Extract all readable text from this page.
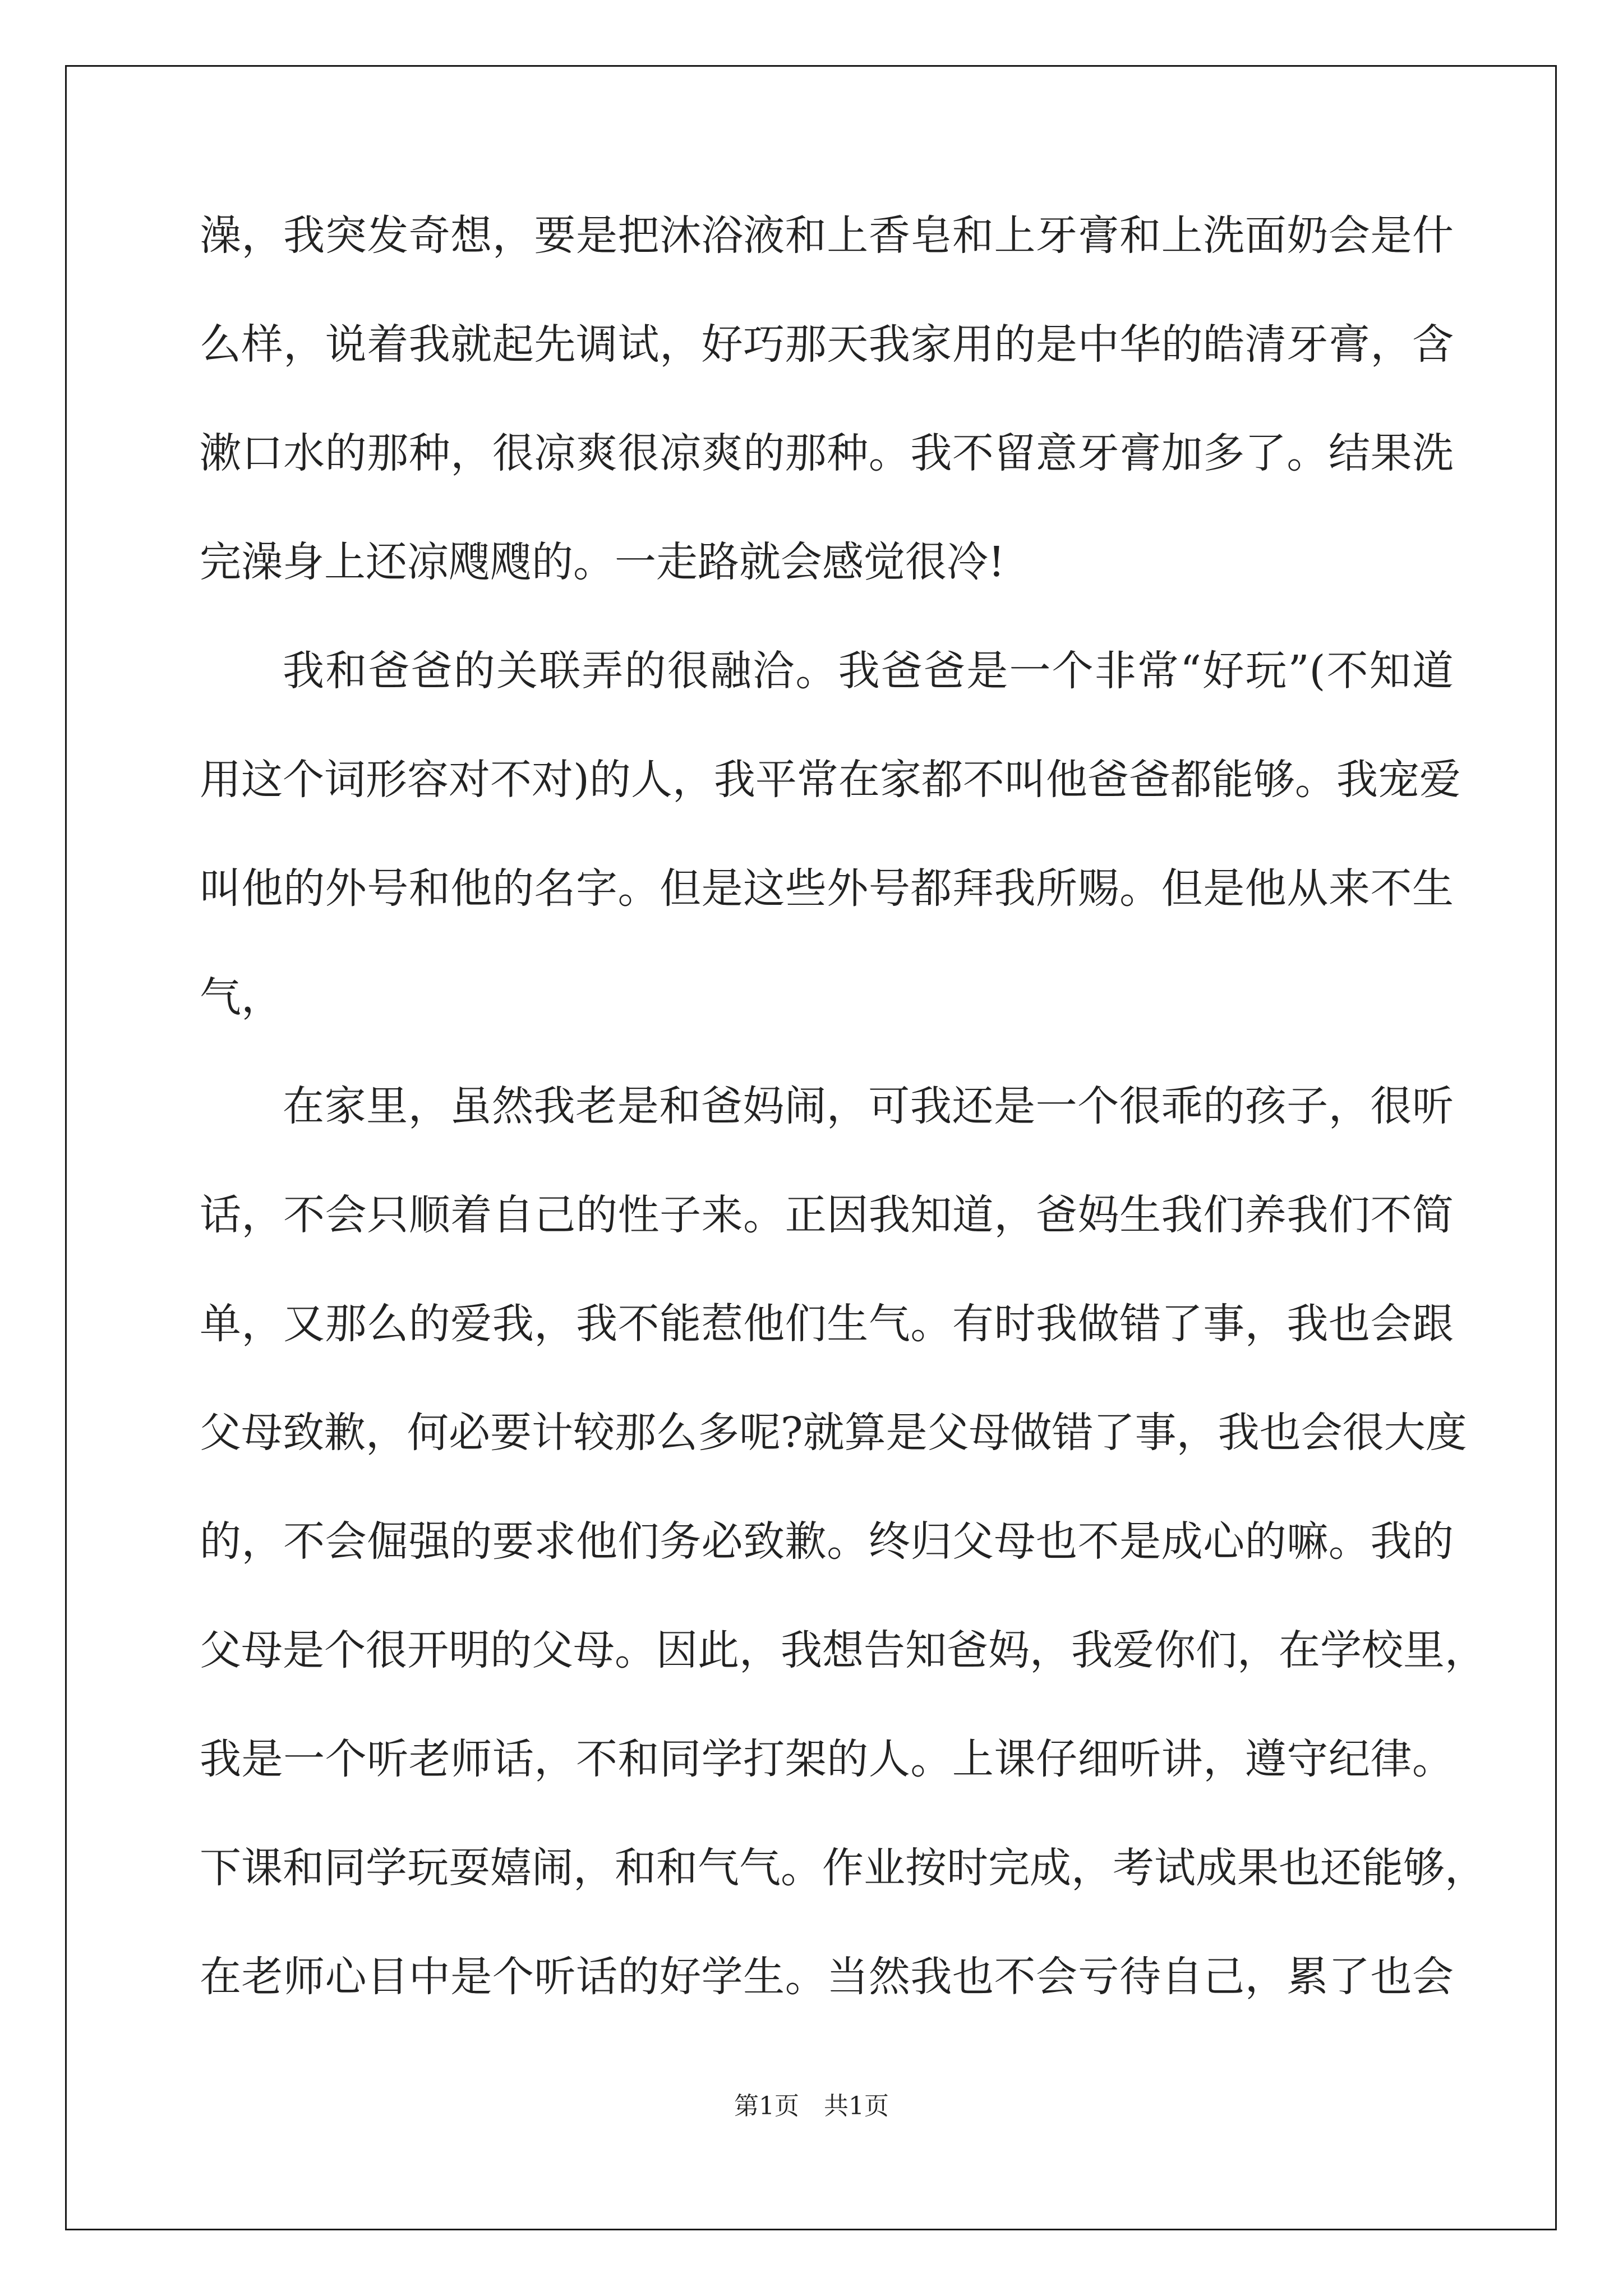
澡，我突发奇想，要是把沐浴液和上香皂和上牙膏和上洗面奶会是什
么样，说着我就起先调试，好巧那天我家用的是中华的皓清牙膏，含
漱口水的那种，很凉爽很凉爽的那种。我不留意牙膏加多了。结果洗
完澡身上还凉飕飕的。一走路就会感觉很冷!
我和爸爸的关联弄的很融洽。我爸爸是一个非常“好玩”(不知道
用这个词形容对不对)的人，我平常在家都不叫他爸爸都能够。我宠爱
叫他的外号和他的名字。但是这些外号都拜我所赐。但是他从来不生
气，
在家里，虽然我老是和爸妈闹，可我还是一个很乖的孩子，很听
话，不会只顺着自己的性子来。正因我知道，爸妈生我们养我们不简
单，又那么的爱我，我不能惹他们生气。有时我做错了事，我也会跟
父母致歉，何必要计较那么多呢?就算是父母做错了事，我也会很大度
的，不会倔强的要求他们务必致歉。终归父母也不是成心的嘛。我的
父母是个很开明的父母。因此，我想告知爸妈，我爱你们，在学校里，
我是一个听老师话，不和同学打架的人。上课仔细听讲，遵守纪律。
下课和同学玩耍嬉闹，和和气气。作业按时完成，考试成果也还能够，
在老师心目中是个听话的好学生。当然我也不会亏待自己，累了也会
第1页　共1页
